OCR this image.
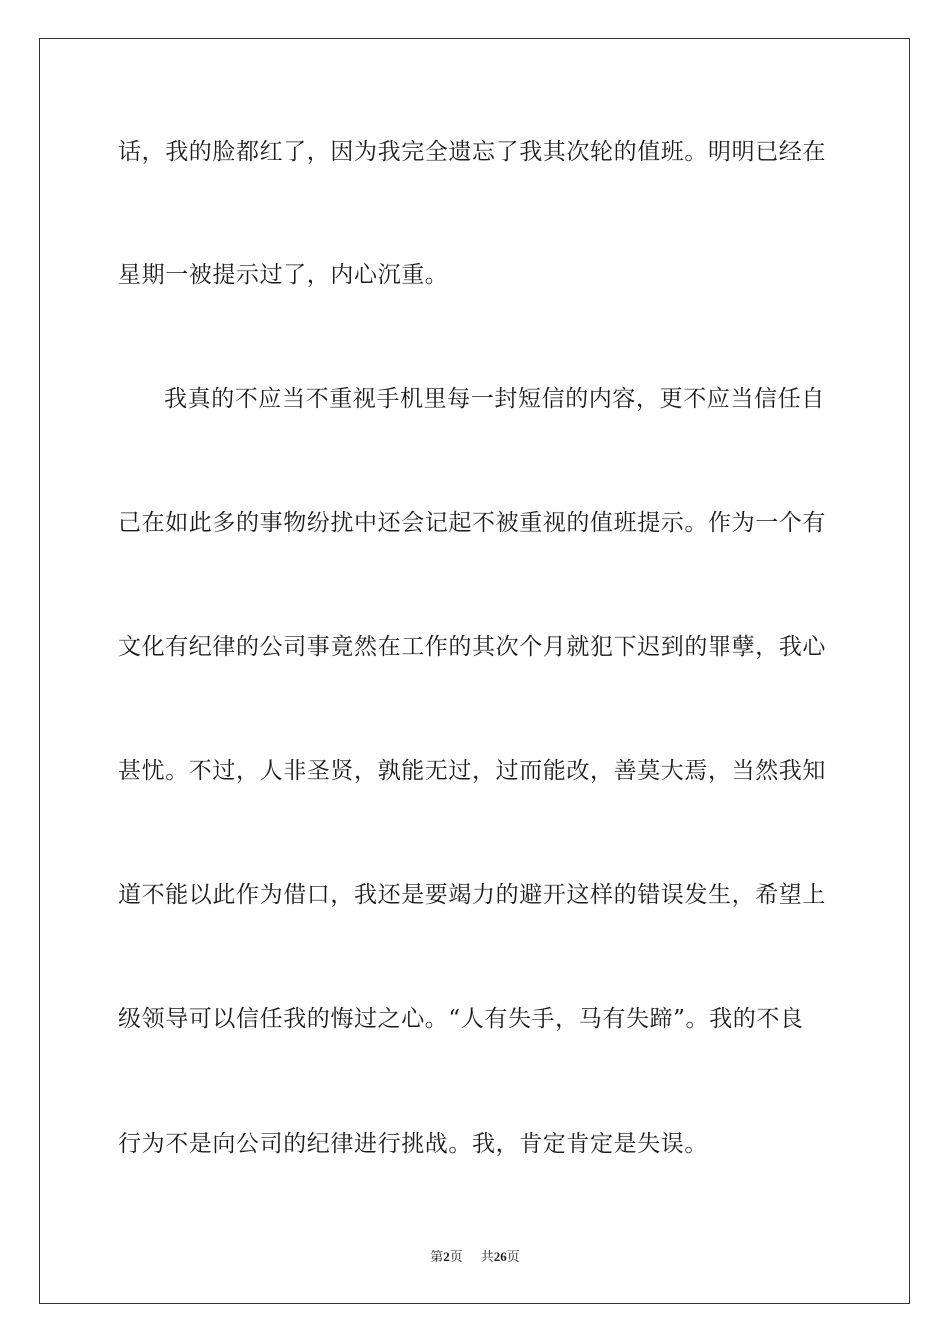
话，我的脸都红了，因为我完全遗忘了我其次轮的值班。明明已经在
星期一被提示过了，内心沉重。
我真的不应当不重视手机里每一封短信的内容，更不应当信任自
己在如此多的事物纷扰中还会记起不被重视的值班提示。作为一个有
文化有纪律的公司事竟然在工作的其次个月就犯下迟到的罪孽，我心
甚忧。不过，人非圣贤，孰能无过，过而能改，善莫大焉，当然我知
道不能以此作为借口，我还是要竭力的避开这样的错误发生，希望上
级领导可以信任我的悔过之心。“人有失手，马有失蹄”。我的不良
行为不是向公司的纪律进行挑战。我，肯定肯定是失误。
第2页 共26页
